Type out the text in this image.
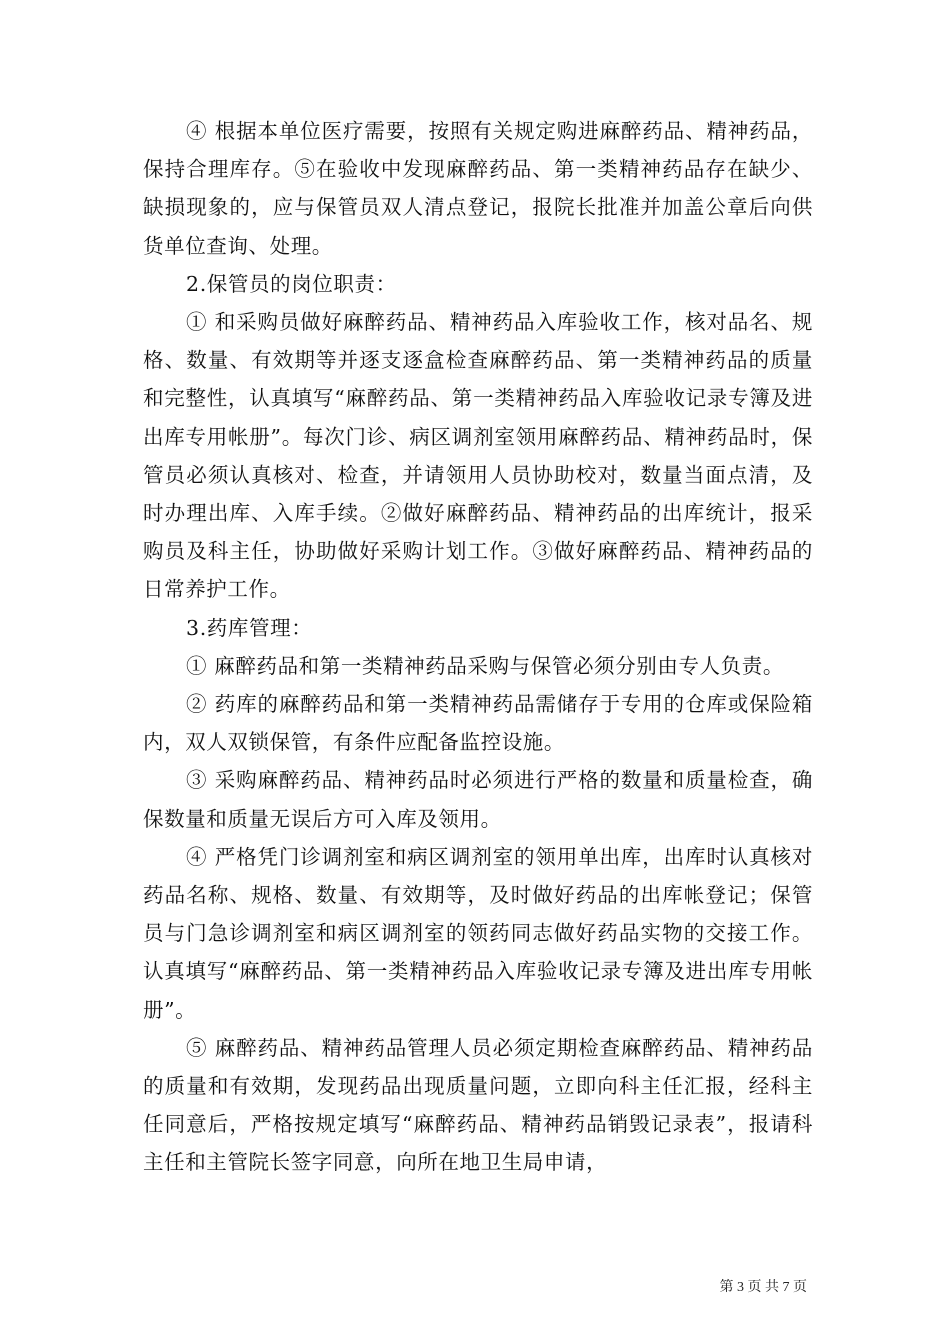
④ 根据本单位医疗需要，按照有关规定购进麻醉药品、精神药品，保持合理库存。⑤在验收中发现麻醉药品、第一类精神药品存在缺少、缺损现象的，应与保管员双人清点登记，报院长批准并加盖公章后向供货单位查询、处理。

2.保管员的岗位职责：

① 和采购员做好麻醉药品、精神药品入库验收工作，核对品名、规格、数量、有效期等并逐支逐盒检查麻醉药品、第一类精神药品的质量和完整性，认真填写“麻醉药品、第一类精神药品入库验收记录专簿及进出库专用帐册”。每次门诊、病区调剂室领用麻醉药品、精神药品时，保管员必须认真核对、检查，并请领用人员协助校对，数量当面点清，及时办理出库、入库手续。②做好麻醉药品、精神药品的出库统计，报采购员及科主任，协助做好采购计划工作。③做好麻醉药品、精神药品的日常养护工作。

3.药库管理：

① 麻醉药品和第一类精神药品采购与保管必须分别由专人负责。

② 药库的麻醉药品和第一类精神药品需储存于专用的仓库或保险箱内，双人双锁保管，有条件应配备监控设施。

③ 采购麻醉药品、精神药品时必须进行严格的数量和质量检查，确保数量和质量无误后方可入库及领用。

④ 严格凭门诊调剂室和病区调剂室的领用单出库，出库时认真核对药品名称、规格、数量、有效期等，及时做好药品的出库帐登记；保管员与门急诊调剂室和病区调剂室的领药同志做好药品实物的交接工作。认真填写“麻醉药品、第一类精神药品入库验收记录专簿及进出库专用帐册”。

⑤ 麻醉药品、精神药品管理人员必须定期检查麻醉药品、精神药品的质量和有效期，发现药品出现质量问题，立即向科主任汇报，经科主任同意后，严格按规定填写“麻醉药品、精神药品销毁记录表”，报请科主任和主管院长签字同意，向所在地卫生局申请，

第 3 页 共 7 页
